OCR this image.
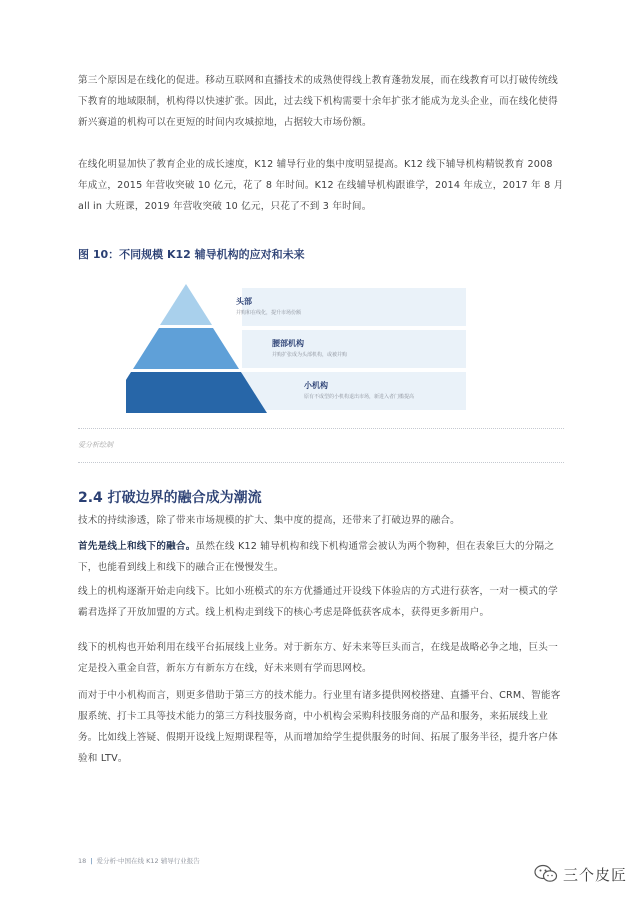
第三个原因是在线化的促进。移动互联网和直播技术的成熟使得线上教育蓬勃发展，而在线教育可以打破传统线下教育的地域限制，机构得以快速扩张。因此，过去线下机构需要十余年扩张才能成为龙头企业，而在线化使得新兴赛道的机构可以在更短的时间内攻城掠地，占据较大市场份额。

在线化明显加快了教育企业的成长速度，K12 辅导行业的集中度明显提高。K12 线下辅导机构精锐教育 2008 年成立，2015 年营收突破 10 亿元，花了 8 年时间。K12 在线辅导机构跟谁学，2014 年成立，2017 年 8 月 all in 大班课，2019 年营收突破 10 亿元，只花了不到 3 年时间。

图 10：不同规模 K12 辅导机构的应对和未来
头部
并购和在线化，提升市场份额
腰部机构
并购扩张成为头部机构，或被并购
小机构
原有不成型的小机构退出市场，新进入者门槛提高
爱分析绘制
2.4 打破边界的融合成为潮流

技术的持续渗透，除了带来市场规模的扩大、集中度的提高，还带来了打破边界的融合。

首先是线上和线下的融合。虽然在线 K12 辅导机构和线下机构通常会被认为两个物种，但在表象巨大的分隔之下，也能看到线上和线下的融合正在慢慢发生。

线上的机构逐渐开始走向线下。比如小班模式的东方优播通过开设线下体验店的方式进行获客，一对一模式的学霸君选择了开放加盟的方式。线上机构走到线下的核心考虑是降低获客成本，获得更多新用户。

线下的机构也开始利用在线平台拓展线上业务。对于新东方、好未来等巨头而言，在线是战略必争之地，巨头一定是投入重金自营，新东方有新东方在线，好未来则有学而思网校。

而对于中小机构而言，则更多借助于第三方的技术能力。行业里有诸多提供网校搭建、直播平台、CRM、智能客服系统、打卡工具等技术能力的第三方科技服务商，中小机构会采购科技服务商的产品和服务，来拓展线上业务。比如线上答疑、假期开设线上短期课程等，从而增加给学生提供服务的时间、拓展了服务半径，提升客户体验和 LTV。

18 | 爱分析·中国在线 K12 辅导行业报告
三个皮匠
